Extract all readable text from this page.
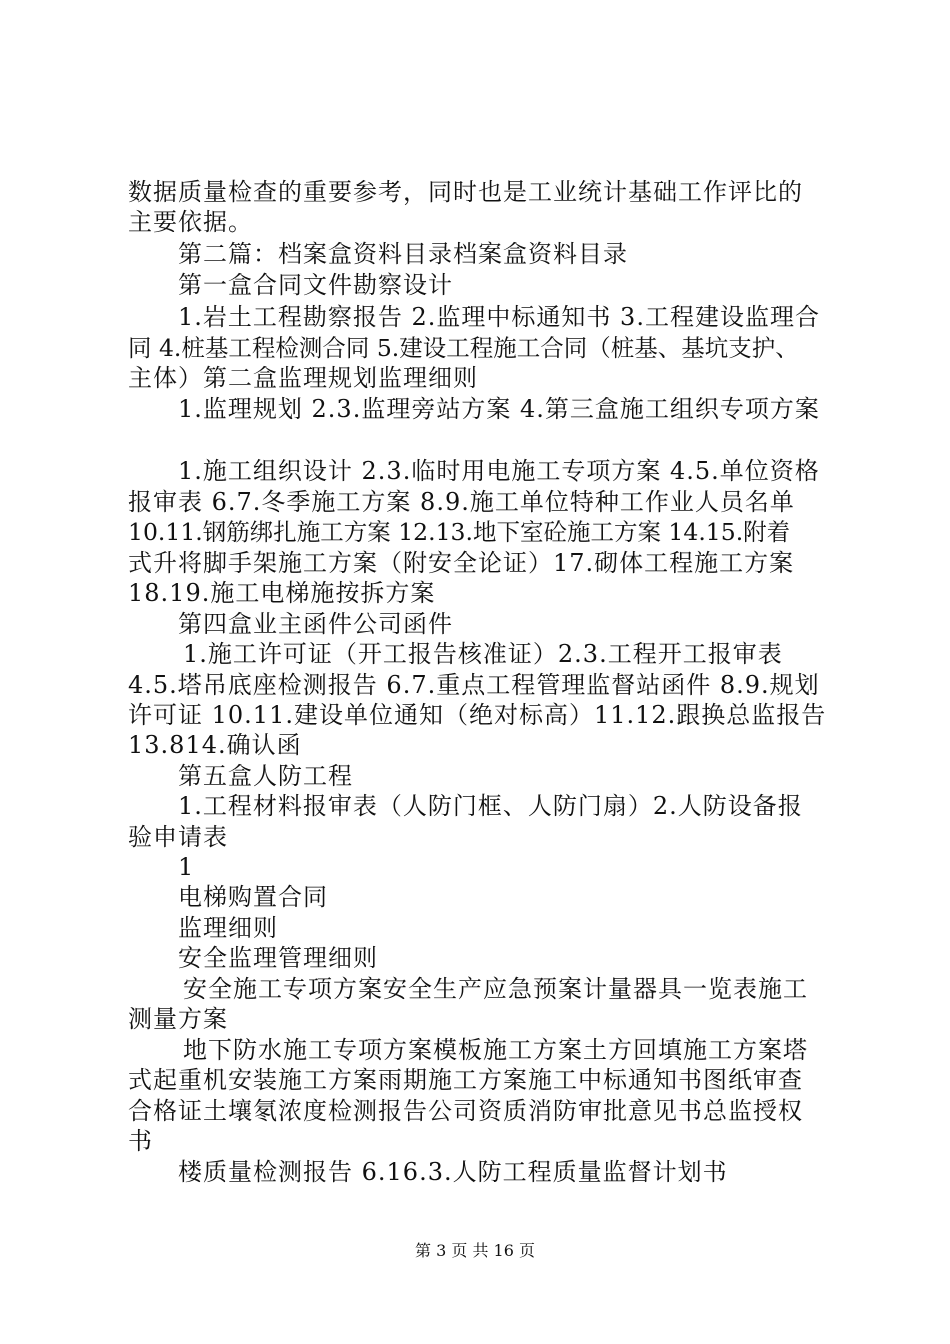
数据质量检查的重要参考，同时也是工业统计基础工作评比的
主要依据。
第二篇：档案盒资料目录档案盒资料目录
第一盒合同文件勘察设计
1.岩土工程勘察报告 2.监理中标通知书 3.工程建设监理合
同 4.桩基工程检测合同 5.建设工程施工合同（桩基、基坑支护、
主体）第二盒监理规划监理细则
1.监理规划 2.3.监理旁站方案 4.第三盒施工组织专项方案
1.施工组织设计 2.3.临时用电施工专项方案 4.5.单位资格
报审表 6.7.冬季施工方案 8.9.施工单位特种工作业人员名单
10.11.钢筋绑扎施工方案 12.13.地下室砼施工方案 14.15.附着
式升将脚手架施工方案（附安全论证）17.砌体工程施工方案
18.19.施工电梯施按拆方案
第四盒业主函件公司函件
1.施工许可证（开工报告核准证）2.3.工程开工报审表
4.5.塔吊底座检测报告 6.7.重点工程管理监督站函件 8.9.规划
许可证 10.11.建设单位通知（绝对标高）11.12.跟换总监报告
13.814.确认函
第五盒人防工程
1.工程材料报审表（人防门框、人防门扇）2.人防设备报
验申请表
1
电梯购置合同
监理细则
安全监理管理细则
安全施工专项方案安全生产应急预案计量器具一览表施工
测量方案
地下防水施工专项方案模板施工方案土方回填施工方案塔
式起重机安装施工方案雨期施工方案施工中标通知书图纸审查
合格证土壤氡浓度检测报告公司资质消防审批意见书总监授权
书
楼质量检测报告 6.16.3.人防工程质量监督计划书
第 3 页 共 16 页
